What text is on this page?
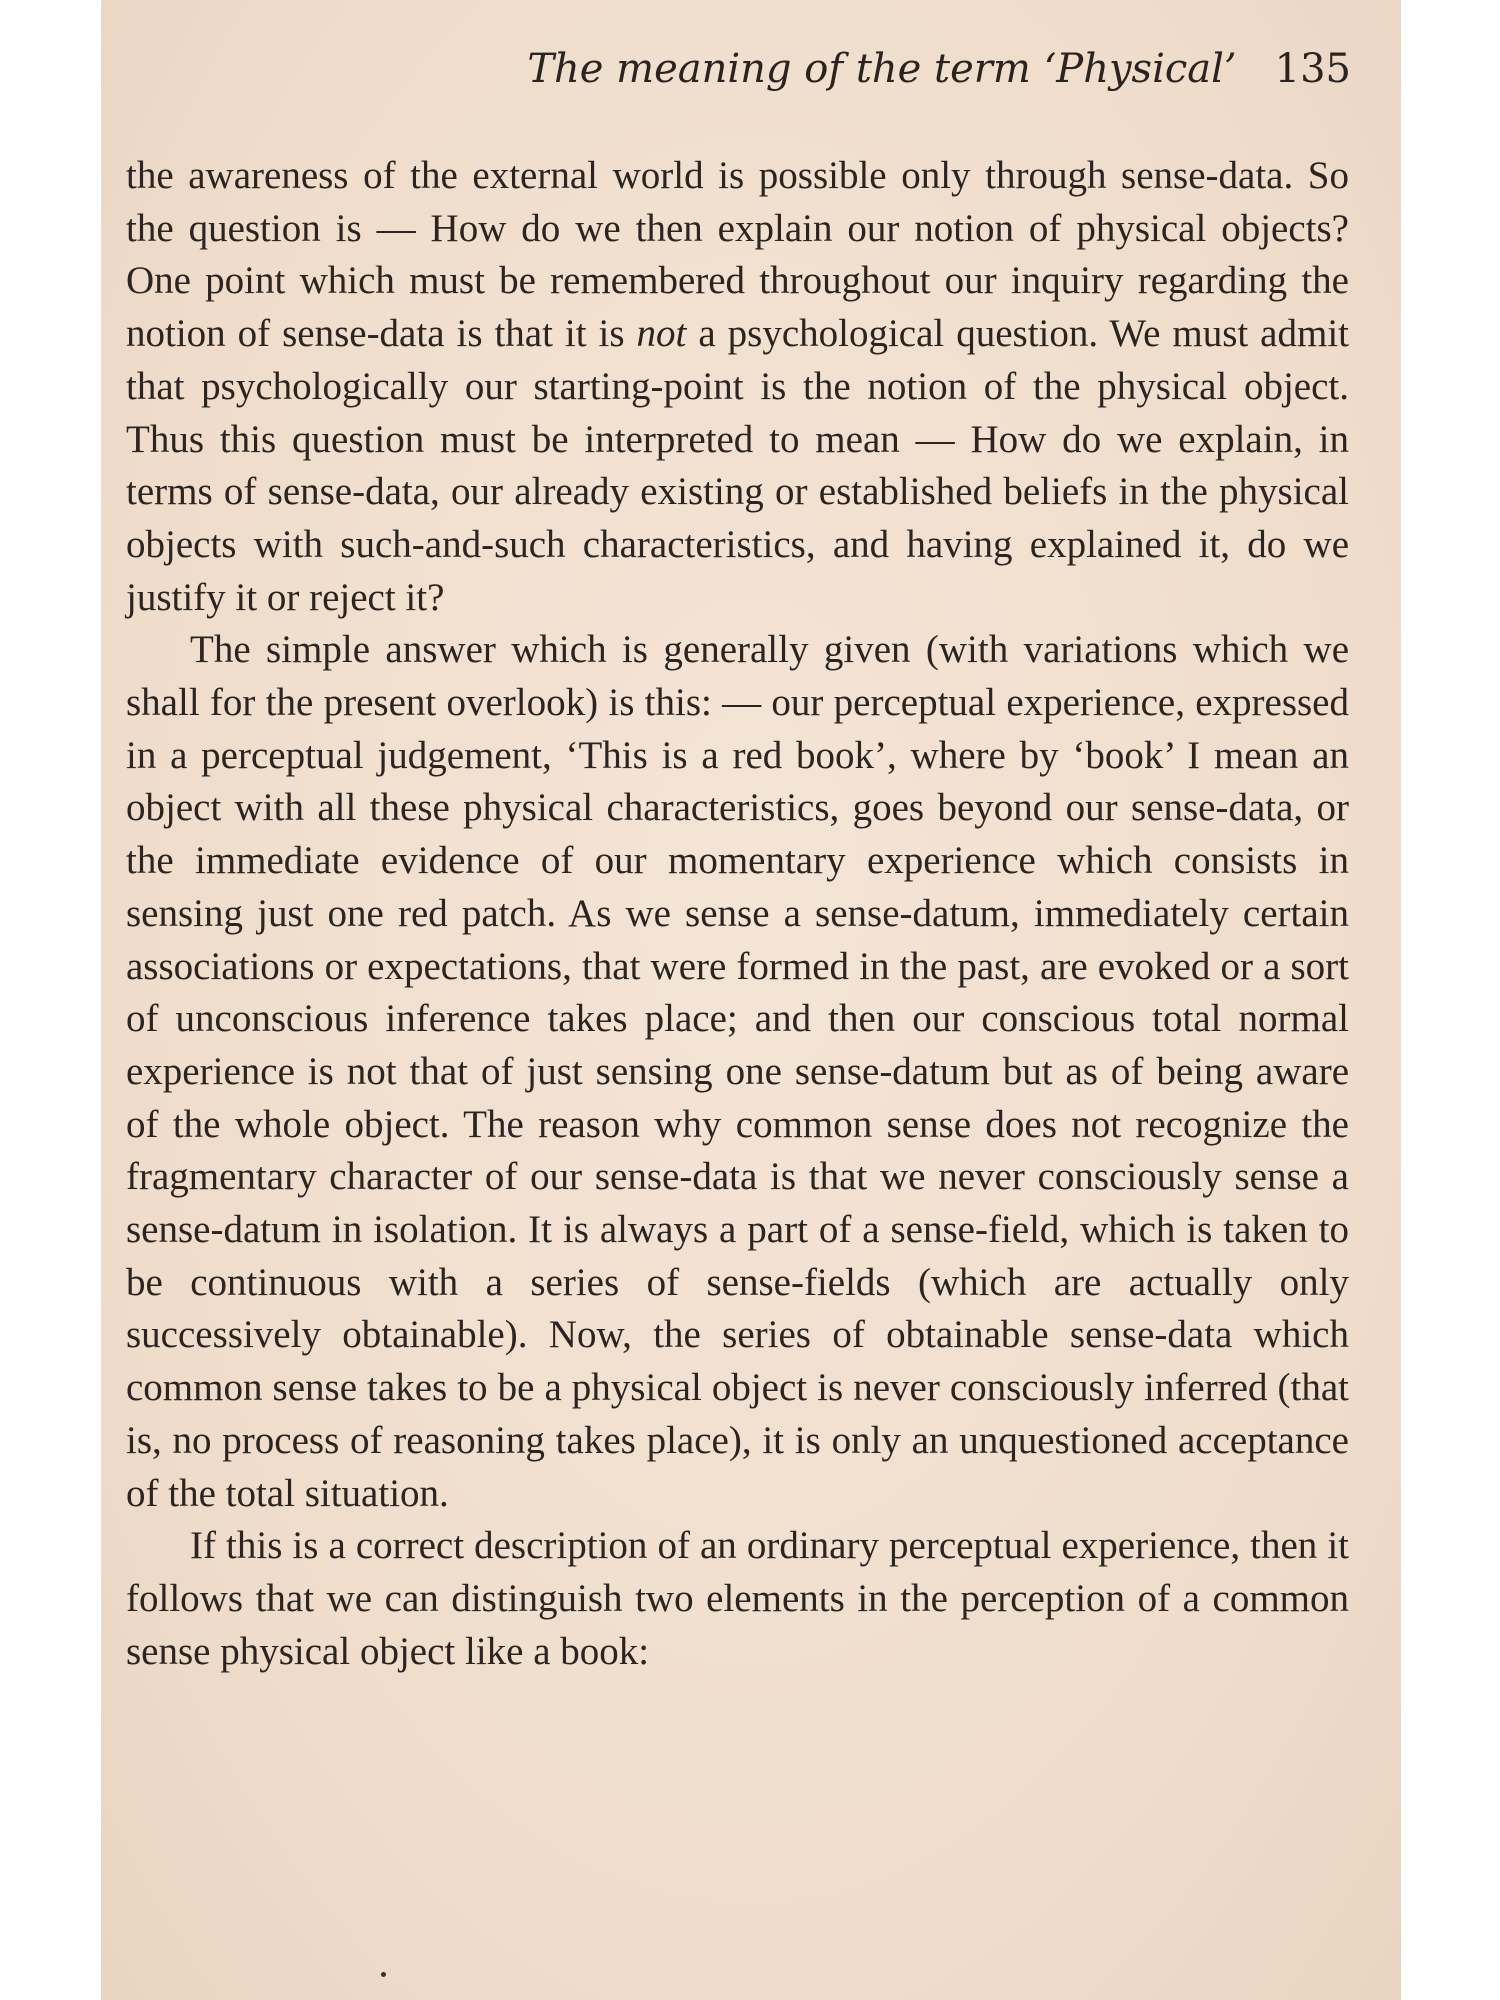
The meaning of the term ‘Physical’ 135

the awareness of the external world is possible only through sense-data. So the question is — How do we then explain our notion of physical objects? One point which must be remembered throughout our inquiry regarding the notion of sense-data is that it is not a psychological question. We must admit that psychologically our starting-point is the notion of the physical object. Thus this question must be interpreted to mean — How do we explain, in terms of sense-data, our already existing or established beliefs in the physical objects with such-and-such characteristics, and having explained it, do we justify it or reject it?

The simple answer which is generally given (with variations which we shall for the present overlook) is this: — our perceptual experience, expressed in a perceptual judgement, ‘This is a red book’, where by ‘book’ I mean an object with all these physical characteristics, goes beyond our sense-data, or the immediate evidence of our momentary experience which consists in sensing just one red patch. As we sense a sense-datum, immediately certain associations or expectations, that were formed in the past, are evoked or a sort of unconscious inference takes place; and then our conscious total normal experience is not that of just sensing one sense-datum but as of being aware of the whole object. The reason why common sense does not recognize the fragmentary character of our sense-data is that we never consciously sense a sense-datum in isolation. It is always a part of a sense-field, which is taken to be continuous with a series of sense-fields (which are actually only successively obtainable). Now, the series of obtainable sense-data which common sense takes to be a physical object is never consciously inferred (that is, no process of reasoning takes place), it is only an unquestioned acceptance of the total situation.

If this is a correct description of an ordinary perceptual experience, then it follows that we can distinguish two elements in the perception of a common sense physical object like a book:
